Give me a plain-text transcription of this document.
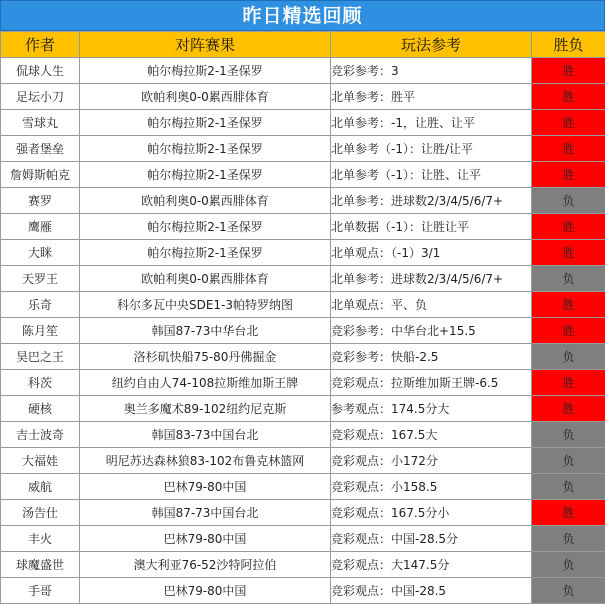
昨日精选回顾
作者	对阵赛果	玩法参考	胜负
侃球人生	帕尔梅拉斯2-1圣保罗	竞彩参考：3	胜
足坛小刀	欧帕利奥0-0累西腓体育	北单参考：胜平	胜
雪球丸	帕尔梅拉斯2-1圣保罗	北单参考：-1，让胜、让平	胜
强者堡垒	帕尔梅拉斯2-1圣保罗	北单参考（-1）：让胜/让平	胜
詹姆斯帕克	帕尔梅拉斯2-1圣保罗	北单参考（-1）：让胜、让平	胜
赛罗	欧帕利奥0-0累西腓体育	北单参考：进球数2/3/4/5/6/7+	负
鹰雁	帕尔梅拉斯2-1圣保罗	北单数据（-1）：让胜让平	胜
大眯	帕尔梅拉斯2-1圣保罗	北单观点：（-1）3/1	胜
天罗王	欧帕利奥0-0累西腓体育	北单参考：进球数2/3/4/5/6/7+	负
乐奇	科尔多瓦中央SDE1-3帕特罗纳图	北单观点：平、负	胜
陈月笙	韩国87-73中华台北	竞彩参考：中华台北+15.5	胜
昊巴之王	洛杉矶快船75-80丹佛掘金	竞彩参考：快船-2.5	负
科茨	纽约自由人74-108拉斯维加斯王牌	竞彩观点：拉斯维加斯王牌-6.5	胜
硬核	奥兰多魔术89-102纽约尼克斯	参考观点：174.5分大	胜
吉士波奇	韩国83-73中国台北	竞彩观点：167.5大	负
大福娃	明尼苏达森林狼83-102布鲁克林篮网	竞彩观点：小172分	负
威航	巴林79-80中国	竞彩观点：小158.5	负
汤告仕	韩国87-73中国台北	竞彩观点：167.5分小	胜
丰火	巴林79-80中国	竞彩观点：中国-28.5分	负
球魔盛世	澳大利亚76-52沙特阿拉伯	竞彩观点：大147.5分	负
手哥	巴林79-80中国	竞彩观点：中国-28.5	负
